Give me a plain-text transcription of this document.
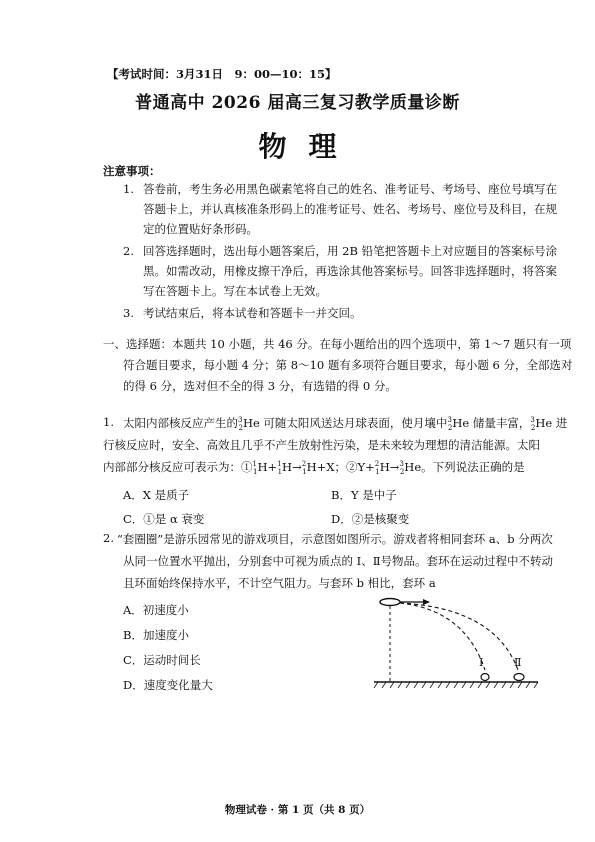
【考试时间：3月31日　9：00—10：15】
普通高中 2026 届高三复习教学质量诊断
物理
注意事项：
1. 答卷前，考生务必用黑色碳素笔将自己的姓名、准考证号、考场号、座位号填写在
答题卡上，并认真核准条形码上的准考证号、姓名、考场号、座位号及科目，在规
定的位置贴好条形码。
2. 回答选择题时，选出每小题答案后，用 2B 铅笔把答题卡上对应题目的答案标号涂
黑。如需改动，用橡皮擦干净后，再选涂其他答案标号。回答非选择题时，将答案
写在答题卡上。写在本试卷上无效。
3. 考试结束后，将本试卷和答题卡一并交回。
一、选择题：本题共 10 小题，共 46 分。在每小题给出的四个选项中，第 1～7 题只有一项
符合题目要求，每小题 4 分；第 8～10 题有多项符合题目要求，每小题 6 分，全部选对
的得 6 分，选对但不全的得 3 分，有选错的得 0 分。
1. 太阳内部核反应产生的$^3_2$He 可随太阳风送达月球表面，使月壤中$^3_2$He 储量丰富，$^3_2$He 进
行核反应时，安全、高效且几乎不产生放射性污染，是未来较为理想的清洁能源。太阳
内部部分核反应可表示为：①$^1_1$H+$^1_1$H→$^2_1$H+X；②Y+$^2_1$H→$^3_2$He。下列说法正确的是
A．X 是质子	B．Y 是中子
C．①是 α 衰变	D．②是核聚变
2. “套圈圈”是游乐园常见的游戏项目，示意图如图所示。游戏者将相同套环 a、b 分两次
从同一位置水平抛出，分别套中可视为质点的 Ⅰ、Ⅱ号物品。套环在运动过程中不转动
且环面始终保持水平，不计空气阻力。与套环 b 相比，套环 a
A．初速度小
B．加速度小
C．运动时间长
D．速度变化量大
Ⅰ	Ⅱ
物理试卷 · 第 1 页（共 8 页）
